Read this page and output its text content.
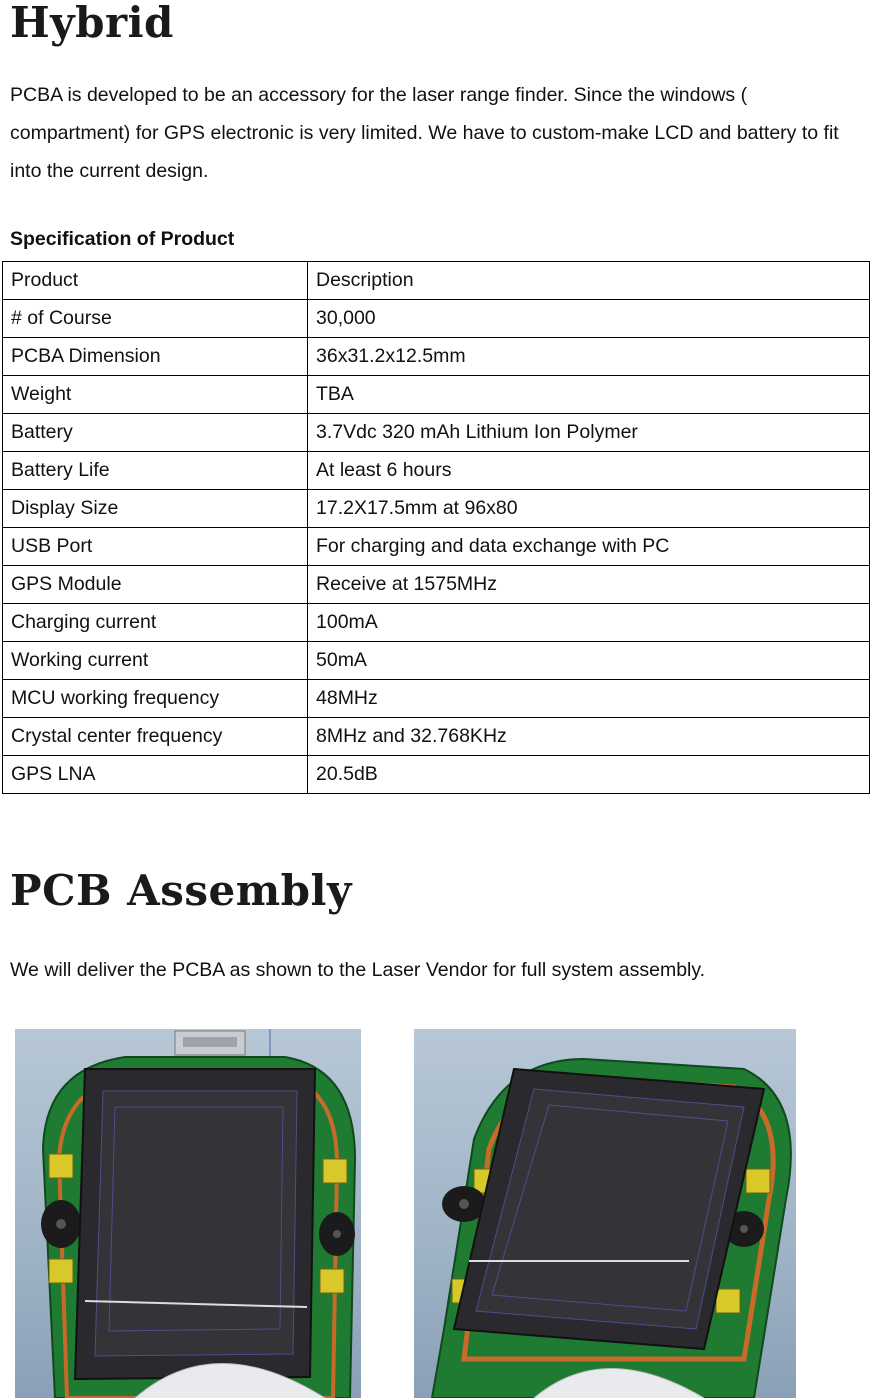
Hybrid

PCBA is developed to be an accessory for the laser range finder. Since the windows ( compartment) for GPS electronic is very limited. We have to custom-make LCD and battery to fit into the current design.

Specification of Product

Product	Description
# of Course	30,000
PCBA Dimension	36x31.2x12.5mm
Weight	TBA
Battery	3.7Vdc 320 mAh Lithium Ion Polymer
Battery Life	At least 6 hours
Display Size	17.2X17.5mm at 96x80
USB Port	For charging and data exchange with PC
GPS Module	Receive at 1575MHz
Charging current	100mA
Working current	50mA
MCU working frequency	48MHz
Crystal center frequency	8MHz and 32.768KHz
GPS LNA	20.5dB
PCB Assembly

We will deliver the PCBA as shown to the Laser Vendor for full system assembly.
